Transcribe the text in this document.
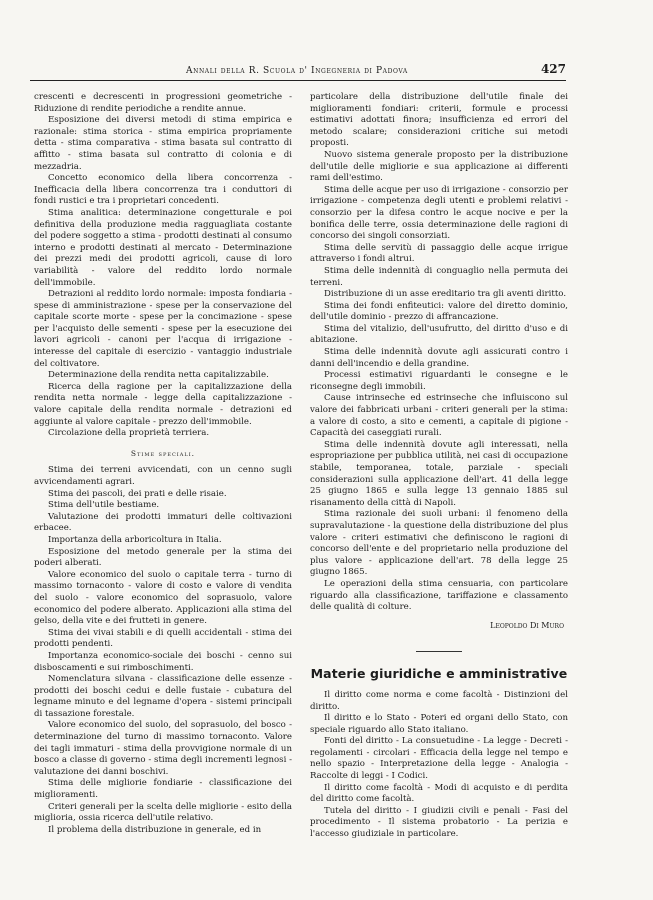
Annali della R. Scuola d' Ingegneria di Padova	427

crescenti e decrescenti in progressioni geometriche - Riduzione di rendite periodiche a rendite annue.

Esposizione dei diversi metodi di stima empirica e razionale: stima storica - stima empirica propriamente detta - stima comparativa - stima basata sul contratto di affitto - stima basata sul contratto di colonia e di mezzadria.

Concetto economico della libera concorrenza - Inefficacia della libera concorrenza tra i conduttori di fondi rustici e tra i proprietari concedenti.

Stima analitica: determinazione congetturale e poi definitiva della produzione media ragguagliata costante del podere soggetto a stima - prodotti destinati al consumo interno e prodotti destinati al mercato - Determinazione dei prezzi medi dei prodotti agricoli, cause di loro variabilità - valore del reddito lordo normale dell'immobile.

Detrazioni al reddito lordo normale: imposta fondiaria - spese di amministrazione - spese per la conservazione del capitale scorte morte - spese per la concimazione - spese per l'acquisto delle sementi - spese per la esecuzione dei lavori agricoli - canoni per l'acqua di irrigazione - interesse del capitale di esercizio - vantaggio industriale del coltivatore.

Determinazione della rendita netta capitalizzabile.

Ricerca della ragione per la capitalizzazione della rendita netta normale - legge della capitalizzazione - valore capitale della rendita normale - detrazioni ed aggiunte al valore capitale - prezzo dell'immobile.

Circolazione della proprietà terriera.

Stime speciali.

Stima dei terreni avvicendati, con un cenno sugli avvicendamenti agrari.

Stima dei pascoli, dei prati e delle risaie.

Stima dell'utile bestiame.

Valutazione dei prodotti immaturi delle coltivazioni erbacee.

Importanza della arboricoltura in Italia.

Esposizione del metodo generale per la stima dei poderi alberati.

Valore economico del suolo o capitale terra - turno di massimo tornaconto - valore di costo e valore di vendita del suolo - valore economico del soprasuolo, valore economico del podere alberato. Applicazioni alla stima del gelso, della vite e dei frutteti in genere.

Stima dei vivai stabili e di quelli accidentali - stima dei prodotti pendenti.

Importanza economico-sociale dei boschi - cenno sui disboscamenti e sui rimboschimenti.

Nomenclatura silvana - classificazione delle essenze - prodotti dei boschi cedui e delle fustaie - cubatura del legname minuto e del legname d'opera - sistemi principali di tassazione forestale.

Valore economico del suolo, del soprasuolo, del bosco - determinazione del turno di massimo tornaconto. Valore dei tagli immaturi - stima della provvigione normale di un bosco a classe di governo - stima degli incrementi legnosi - valutazione dei danni boschivi.

Stima delle migliorie fondiarie - classificazione dei miglioramenti.

Criteri generali per la scelta delle migliorie - esito della miglioria, ossia ricerca dell'utile relativo.

Il problema della distribuzione in generale, ed in

particolare della distribuzione dell'utile finale dei miglioramenti fondiari: criterii, formule e processi estimativi adottati finora; insufficienza ed errori del metodo scalare; considerazioni critiche sui metodi proposti.

Nuovo sistema generale proposto per la distribuzione dell'utile delle migliorie e sua applicazione ai differenti rami dell'estimo.

Stima delle acque per uso di irrigazione - consorzio per irrigazione - competenza degli utenti e problemi relativi - consorzio per la difesa contro le acque nocive e per la bonifica delle terre, ossia determinazione delle ragioni di concorso dei singoli consorziati.

Stima delle servitù di passaggio delle acque irrigue attraverso i fondi altrui.

Stima delle indennità di conguaglio nella permuta dei terreni.

Distribuzione di un asse ereditario tra gli aventi diritto.

Stima dei fondi enfiteutici: valore del diretto dominio, dell'utile dominio - prezzo di affrancazione.

Stima del vitalizio, dell'usufrutto, del diritto d'uso e di abitazione.

Stima delle indennità dovute agli assicurati contro i danni dell'incendio e della grandine.

Processi estimativi riguardanti le consegne e le riconsegne degli immobili.

Cause intrinseche ed estrinseche che influiscono sul valore dei fabbricati urbani - criteri generali per la stima: a valore di costo, a sito e cementi, a capitale di pigione - Capacità dei caseggiati rurali.

Stima delle indennità dovute agli interessati, nella espropriazione per pubblica utilità, nei casi di occupazione stabile, temporanea, totale, parziale - speciali considerazioni sulla applicazione dell'art. 41 della legge 25 giugno 1865 e sulla legge 13 gennaio 1885 sul risanamento della città di Napoli.

Stima razionale dei suoli urbani: il fenomeno della supravalutazione - la questione della distribuzione del plus valore - criteri estimativi che definiscono le ragioni di concorso dell'ente e del proprietario nella produzione del plus valore - applicazione dell'art. 78 della legge 25 giugno 1865.

Le operazioni della stima censuaria, con particolare riguardo alla classificazione, tariffazione e classamento delle qualità di colture.

Leopoldo Di Muro
Materie giuridiche e amministrative

Il diritto come norma e come facoltà - Distinzioni del diritto.

Il diritto e lo Stato - Poteri ed organi dello Stato, con speciale riguardo allo Stato italiano.

Fonti del diritto - La consuetudine - La legge - Decreti - regolamenti - circolari - Efficacia della legge nel tempo e nello spazio - Interpretazione della legge - Analogia - Raccolte di leggi - I Codici.

Il diritto come facoltà - Modi di acquisto e di perdita del diritto come facoltà.

Tutela del diritto - I giudizii civili e penali - Fasi del procedimento - Il sistema probatorio - La perizia e l'accesso giudiziale in particolare.
